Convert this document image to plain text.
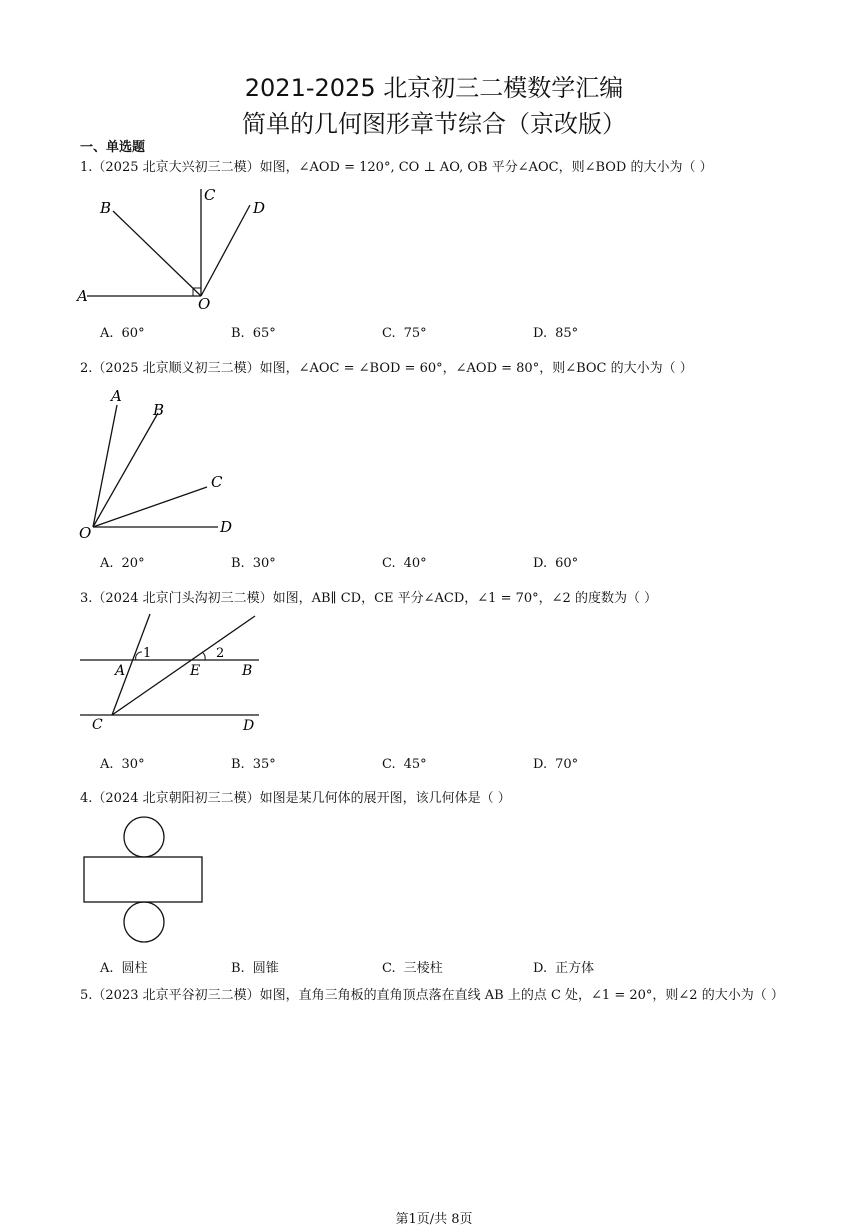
2021-2025 北京初三二模数学汇编
简单的几何图形章节综合（京改版）
一、单选题
1.（2025 北京大兴初三二模）如图，∠AOD = 120°, CO ⊥ AO, OB 平分∠AOC，则∠BOD 的大小为（ ）
A
B
C
D
O
A. 60°	B. 65°	C. 75°	D. 85°
2.（2025 北京顺义初三二模）如图，∠AOC = ∠BOD = 60°，∠AOD = 80°，则∠BOC 的大小为（ ）
A
B
C
D
O
A. 20°	B. 30°	C. 40°	D. 60°
3.（2024 北京门头沟初三二模）如图，AB∥ CD，CE 平分∠ACD，∠1 = 70°，∠2 的度数为（ ）
1	2
A	E	B
C	D
A. 30°	B. 35°	C. 45°	D. 70°
4.（2024 北京朝阳初三二模）如图是某几何体的展开图，该几何体是（ ）
A. 圆柱	B. 圆锥	C. 三棱柱	D. 正方体
5.（2023 北京平谷初三二模）如图，直角三角板的直角顶点落在直线 AB 上的点 C 处，∠1 = 20°，则∠2 的大小为（ ）
第1页/共 8页
